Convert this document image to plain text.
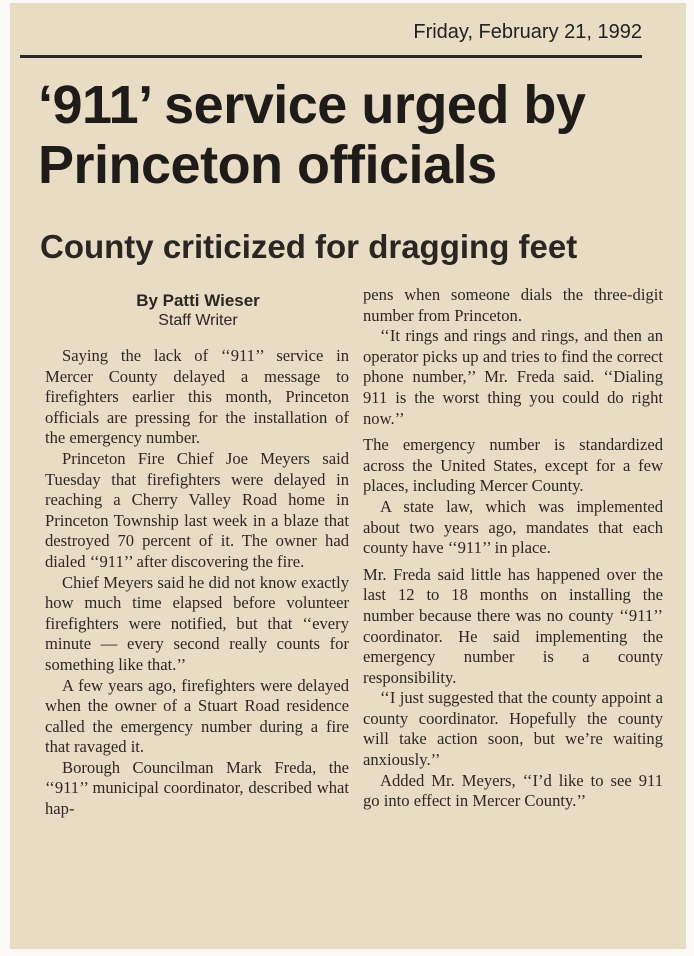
Friday, February 21, 1992
‘911’ service urged by Princeton officials
County criticized for dragging feet
By Patti Wieser
Staff Writer

Saying the lack of ‘‘911’’ service in Mercer County delayed a message to firefighters earlier this month, Princeton officials are pressing for the installation of the emergency number.

Princeton Fire Chief Joe Meyers said Tuesday that firefighters were delayed in reaching a Cherry Valley Road home in Princeton Township last week in a blaze that destroyed 70 percent of it. The owner had dialed ‘‘911’’ after discovering the fire.

Chief Meyers said he did not know exactly how much time elapsed before volunteer firefighters were notified, but that ‘‘every minute — every second really counts for something like that.’’

A few years ago, firefighters were delayed when the owner of a Stuart Road residence called the emergency number during a fire that ravaged it.

Borough Councilman Mark Freda, the ‘‘911’’ municipal coordinator, described what hap-

pens when someone dials the three-digit number from Princeton.

‘‘It rings and rings and rings, and then an operator picks up and tries to find the correct phone number,’’ Mr. Freda said. ‘‘Dialing 911 is the worst thing you could do right now.’’

The emergency number is standardized across the United States, except for a few places, including Mercer County.

A state law, which was implemented about two years ago, mandates that each county have ‘‘911’’ in place.

Mr. Freda said little has happened over the last 12 to 18 months on installing the number because there was no county ‘‘911’’ coordinator. He said implementing the emergency number is a county responsibility.

‘‘I just suggested that the county appoint a county coordinator. Hopefully the county will take action soon, but we’re waiting anxiously.’’

Added Mr. Meyers, ‘‘I’d like to see 911 go into effect in Mercer County.’’
